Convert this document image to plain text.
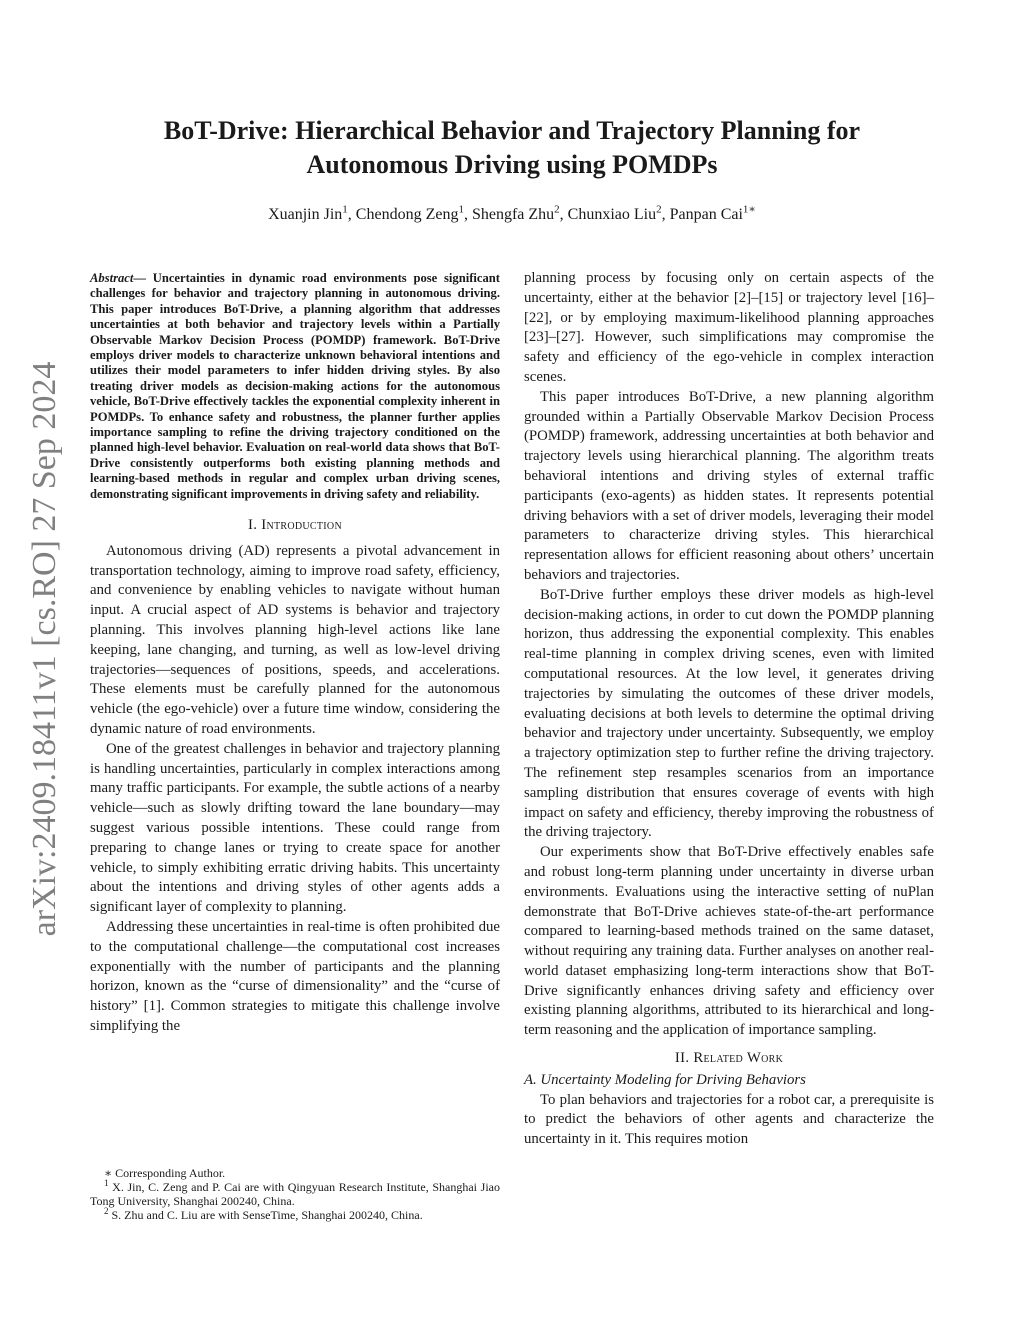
BoT-Drive: Hierarchical Behavior and Trajectory Planning for
Autonomous Driving using POMDPs
Xuanjin Jin$^1$, Chendong Zeng$^1$, Shengfa Zhu$^2$, Chunxiao Liu$^2$, Panpan Cai$^{1∗}$
arXiv:2409.18411v1 [cs.RO] 27 Sep 2024

Abstract— Uncertainties in dynamic road environments pose significant challenges for behavior and trajectory planning in autonomous driving. This paper introduces BoT-Drive, a planning algorithm that addresses uncertainties at both behavior and trajectory levels within a Partially Observable Markov Decision Process (POMDP) framework. BoT-Drive employs driver models to characterize unknown behavioral intentions and utilizes their model parameters to infer hidden driving styles. By also treating driver models as decision-making actions for the autonomous vehicle, BoT-Drive effectively tackles the exponential complexity inherent in POMDPs. To enhance safety and robustness, the planner further applies importance sampling to refine the driving trajectory conditioned on the planned high-level behavior. Evaluation on real-world data shows that BoT-Drive consistently outperforms both existing planning methods and learning-based methods in regular and complex urban driving scenes, demonstrating significant improvements in driving safety and reliability.

I. Introduction

Autonomous driving (AD) represents a pivotal advancement in transportation technology, aiming to improve road safety, efficiency, and convenience by enabling vehicles to navigate without human input. A crucial aspect of AD systems is behavior and trajectory planning. This involves planning high-level actions like lane keeping, lane changing, and turning, as well as low-level driving trajectories—sequences of positions, speeds, and accelerations. These elements must be carefully planned for the autonomous vehicle (the ego-vehicle) over a future time window, considering the dynamic nature of road environments.

One of the greatest challenges in behavior and trajectory planning is handling uncertainties, particularly in complex interactions among many traffic participants. For example, the subtle actions of a nearby vehicle—such as slowly drifting toward the lane boundary—may suggest various possible intentions. These could range from preparing to change lanes or trying to create space for another vehicle, to simply exhibiting erratic driving habits. This uncertainty about the intentions and driving styles of other agents adds a significant layer of complexity to planning.

Addressing these uncertainties in real-time is often prohibited due to the computational challenge—the computational cost increases exponentially with the number of participants and the planning horizon, known as the “curse of dimensionality” and the “curse of history” [1]. Common strategies to mitigate this challenge involve simplifying the

∗ Corresponding Author.

$^1$ X. Jin, C. Zeng and P. Cai are with Qingyuan Research Institute, Shanghai Jiao Tong University, Shanghai 200240, China.

$^2$ S. Zhu and C. Liu are with SenseTime, Shanghai 200240, China.

planning process by focusing only on certain aspects of the uncertainty, either at the behavior [2]–[15] or trajectory level [16]–[22], or by employing maximum-likelihood planning approaches [23]–[27]. However, such simplifications may compromise the safety and efficiency of the ego-vehicle in complex interaction scenes.

This paper introduces BoT-Drive, a new planning algorithm grounded within a Partially Observable Markov Decision Process (POMDP) framework, addressing uncertainties at both behavior and trajectory levels using hierarchical planning. The algorithm treats behavioral intentions and driving styles of external traffic participants (exo-agents) as hidden states. It represents potential driving behaviors with a set of driver models, leveraging their model parameters to characterize driving styles. This hierarchical representation allows for efficient reasoning about others’ uncertain behaviors and trajectories.

BoT-Drive further employs these driver models as high-level decision-making actions, in order to cut down the POMDP planning horizon, thus addressing the exponential complexity. This enables real-time planning in complex driving scenes, even with limited computational resources. At the low level, it generates driving trajectories by simulating the outcomes of these driver models, evaluating decisions at both levels to determine the optimal driving behavior and trajectory under uncertainty. Subsequently, we employ a trajectory optimization step to further refine the driving trajectory. The refinement step resamples scenarios from an importance sampling distribution that ensures coverage of events with high impact on safety and efficiency, thereby improving the robustness of the driving trajectory.

Our experiments show that BoT-Drive effectively enables safe and robust long-term planning under uncertainty in diverse urban environments. Evaluations using the interactive setting of nuPlan demonstrate that BoT-Drive achieves state-of-the-art performance compared to learning-based methods trained on the same dataset, without requiring any training data. Further analyses on another real-world dataset emphasizing long-term interactions show that BoT-Drive significantly enhances driving safety and efficiency over existing planning algorithms, attributed to its hierarchical and long-term reasoning and the application of importance sampling.

II. Related Work

A. Uncertainty Modeling for Driving Behaviors

To plan behaviors and trajectories for a robot car, a prerequisite is to predict the behaviors of other agents and characterize the uncertainty in it. This requires motion
